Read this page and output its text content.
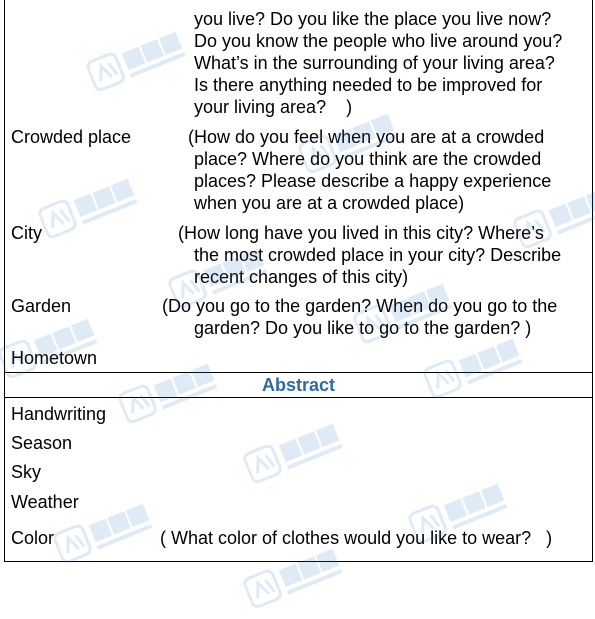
you live? Do you like the place you live now?

Do you know the people who live around you?

What’s in the surrounding of your living area?

Is there anything needed to be improved for

your living area?    )

Crowded place	(How do you feel when you are at a crowded

place? Where do you think are the crowded

places? Please describe a happy experience

when you are at a crowded place)

City	(How long have you lived in this city? Where’s

the most crowded place in your city? Describe

recent changes of this city)

Garden	(Do you go to the garden? When do you go to the

garden? Do you like to go to the garden? )

Hometown

Abstract

Handwriting

Season

Sky

Weather

Color	( What color of clothes would you like to wear?   )
